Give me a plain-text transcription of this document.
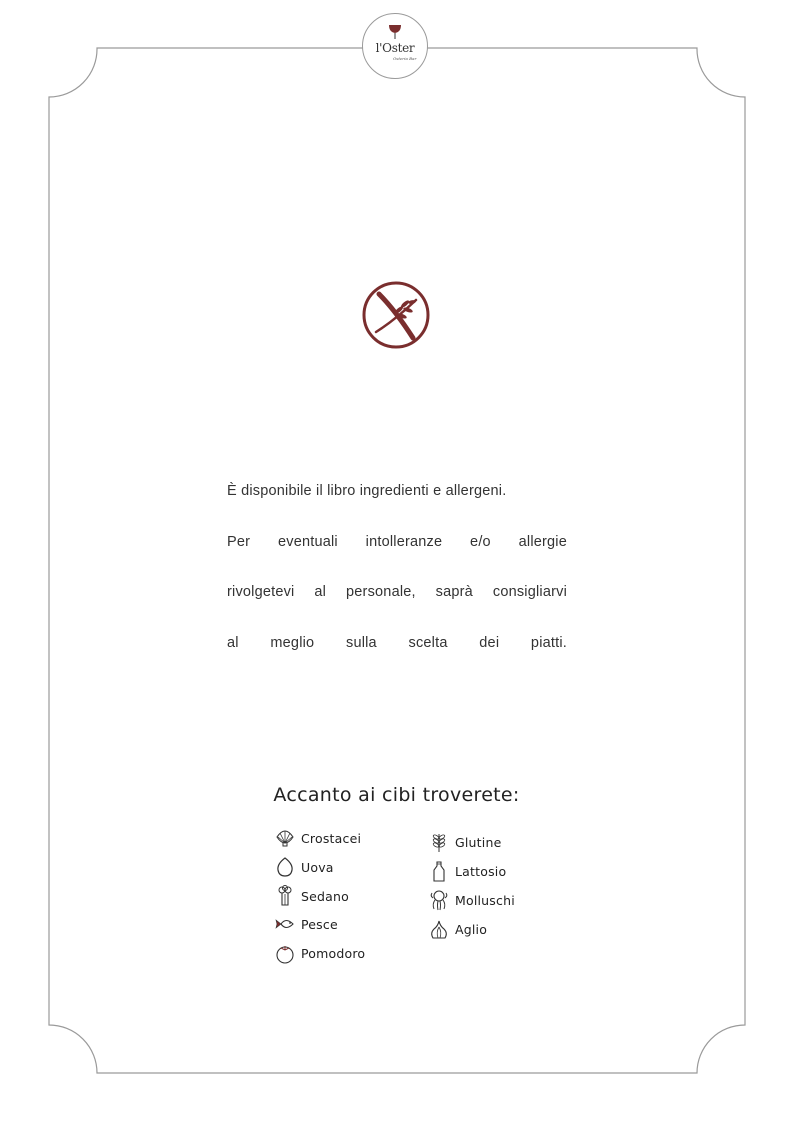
l'Oster
Osteria Bar
È disponibile il libro ingredienti e allergeni.
Per eventuali intolleranze e/o allergie
rivolgetevi al personale, saprà consigliarvi
al meglio sulla scelta dei piatti.
Accanto ai cibi troverete:
Crostacei
Uova
Sedano
Pesce
Pomodoro
Glutine
Lattosio
Molluschi
Aglio
